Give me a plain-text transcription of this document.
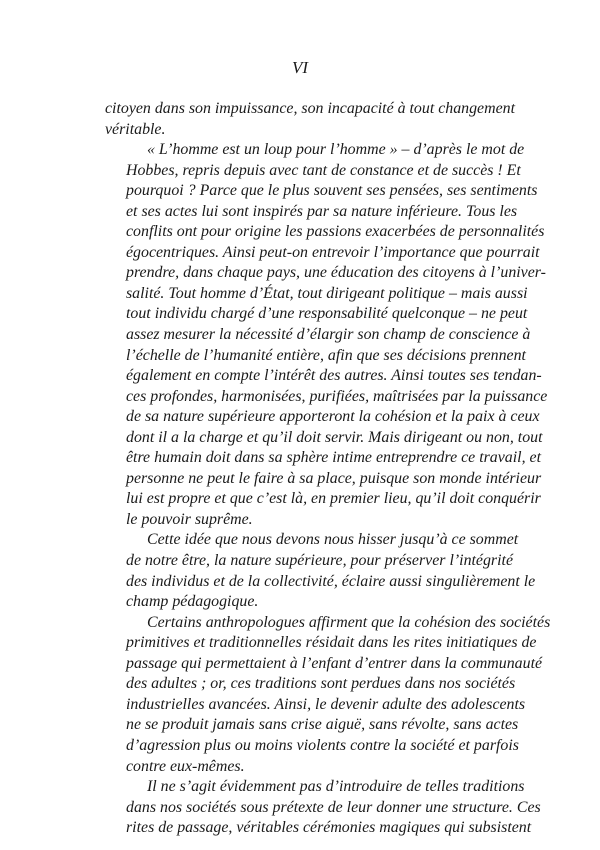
VI

citoyen dans son impuissance, son incapacité à tout changement
véritable.

« L’homme est un loup pour l’homme » – d’après le mot de
Hobbes, repris depuis avec tant de constance et de succès ! Et
pourquoi ? Parce que le plus souvent ses pensées, ses sentiments
et ses actes lui sont inspirés par sa nature inférieure. Tous les
conflits ont pour origine les passions exacerbées de personnalités
égocentriques. Ainsi peut-on entrevoir l’importance que pourrait
prendre, dans chaque pays, une éducation des citoyens à l’univer-
salité. Tout homme d’État, tout dirigeant politique – mais aussi
tout individu chargé d’une responsabilité quelconque – ne peut
assez mesurer la nécessité d’élargir son champ de conscience à
l’échelle de l’humanité entière, afin que ses décisions prennent
également en compte l’intérêt des autres. Ainsi toutes ses tendan-
ces profondes, harmonisées, purifiées, maîtrisées par la puissance
de sa nature supérieure apporteront la cohésion et la paix à ceux
dont il a la charge et qu’il doit servir. Mais dirigeant ou non, tout
être humain doit dans sa sphère intime entreprendre ce travail, et
personne ne peut le faire à sa place, puisque son monde intérieur
lui est propre et que c’est là, en premier lieu, qu’il doit conquérir
le pouvoir suprême.

Cette idée que nous devons nous hisser jusqu’à ce sommet
de notre être, la nature supérieure, pour préserver l’intégrité
des individus et de la collectivité, éclaire aussi singulièrement le
champ pédagogique.

Certains anthropologues affirment que la cohésion des sociétés
primitives et traditionnelles résidait dans les rites initiatiques de
passage qui permettaient à l’enfant d’entrer dans la communauté
des adultes ; or, ces traditions sont perdues dans nos sociétés
industrielles avancées. Ainsi, le devenir adulte des adolescents
ne se produit jamais sans crise aiguë, sans révolte, sans actes
d’agression plus ou moins violents contre la société et parfois
contre eux-mêmes.

Il ne s’agit évidemment pas d’introduire de telles traditions
dans nos sociétés sous prétexte de leur donner une structure. Ces
rites de passage, véritables cérémonies magiques qui subsistent
